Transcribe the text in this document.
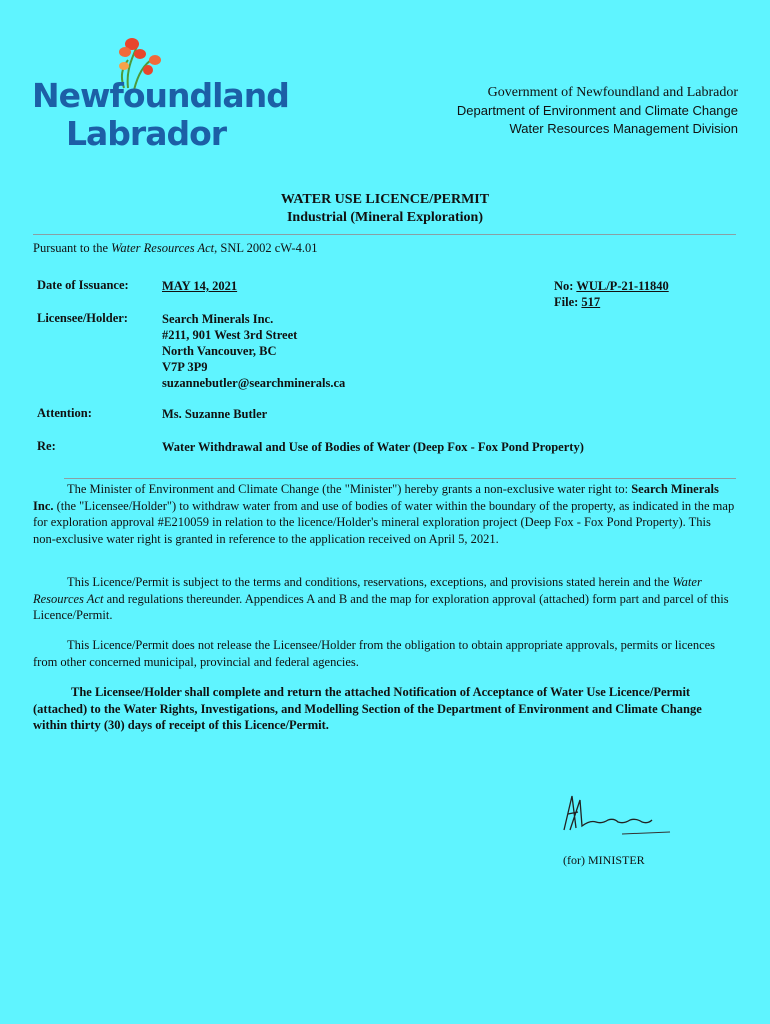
Newfoundland
Labrador
Government of Newfoundland and Labrador
Department of Environment and Climate Change
Water Resources Management Division
WATER USE LICENCE/PERMIT
Industrial (Mineral Exploration)
Pursuant to the Water Resources Act, SNL 2002 cW-4.01
Date of Issuance:	MAY 14, 2021	No: WUL/P-21-11840
File: 517
Licensee/Holder:	Search Minerals Inc.
#211, 901 West 3rd Street
North Vancouver, BC
V7P 3P9
suzannebutler@searchminerals.ca
Attention:	Ms. Suzanne Butler
Re:	Water Withdrawal and Use of Bodies of Water (Deep Fox - Fox Pond Property)
The Minister of Environment and Climate Change (the "Minister") hereby grants a non-exclusive water right to: Search Minerals Inc. (the "Licensee/Holder") to withdraw water from and use of bodies of water within the boundary of the property, as indicated in the map for exploration approval #E210059 in relation to the licence/Holder's mineral exploration project (Deep Fox - Fox Pond Property). This non-exclusive water right is granted in reference to the application received on April 5, 2021.
This Licence/Permit is subject to the terms and conditions, reservations, exceptions, and provisions stated herein and the Water Resources Act and regulations thereunder. Appendices A and B and the map for exploration approval (attached) form part and parcel of this Licence/Permit.
This Licence/Permit does not release the Licensee/Holder from the obligation to obtain appropriate approvals, permits or licences from other concerned municipal, provincial and federal agencies.
The Licensee/Holder shall complete and return the attached Notification of Acceptance of Water Use Licence/Permit (attached) to the Water Rights, Investigations, and Modelling Section of the Department of Environment and Climate Change within thirty (30) days of receipt of this Licence/Permit.
(for) MINISTER
